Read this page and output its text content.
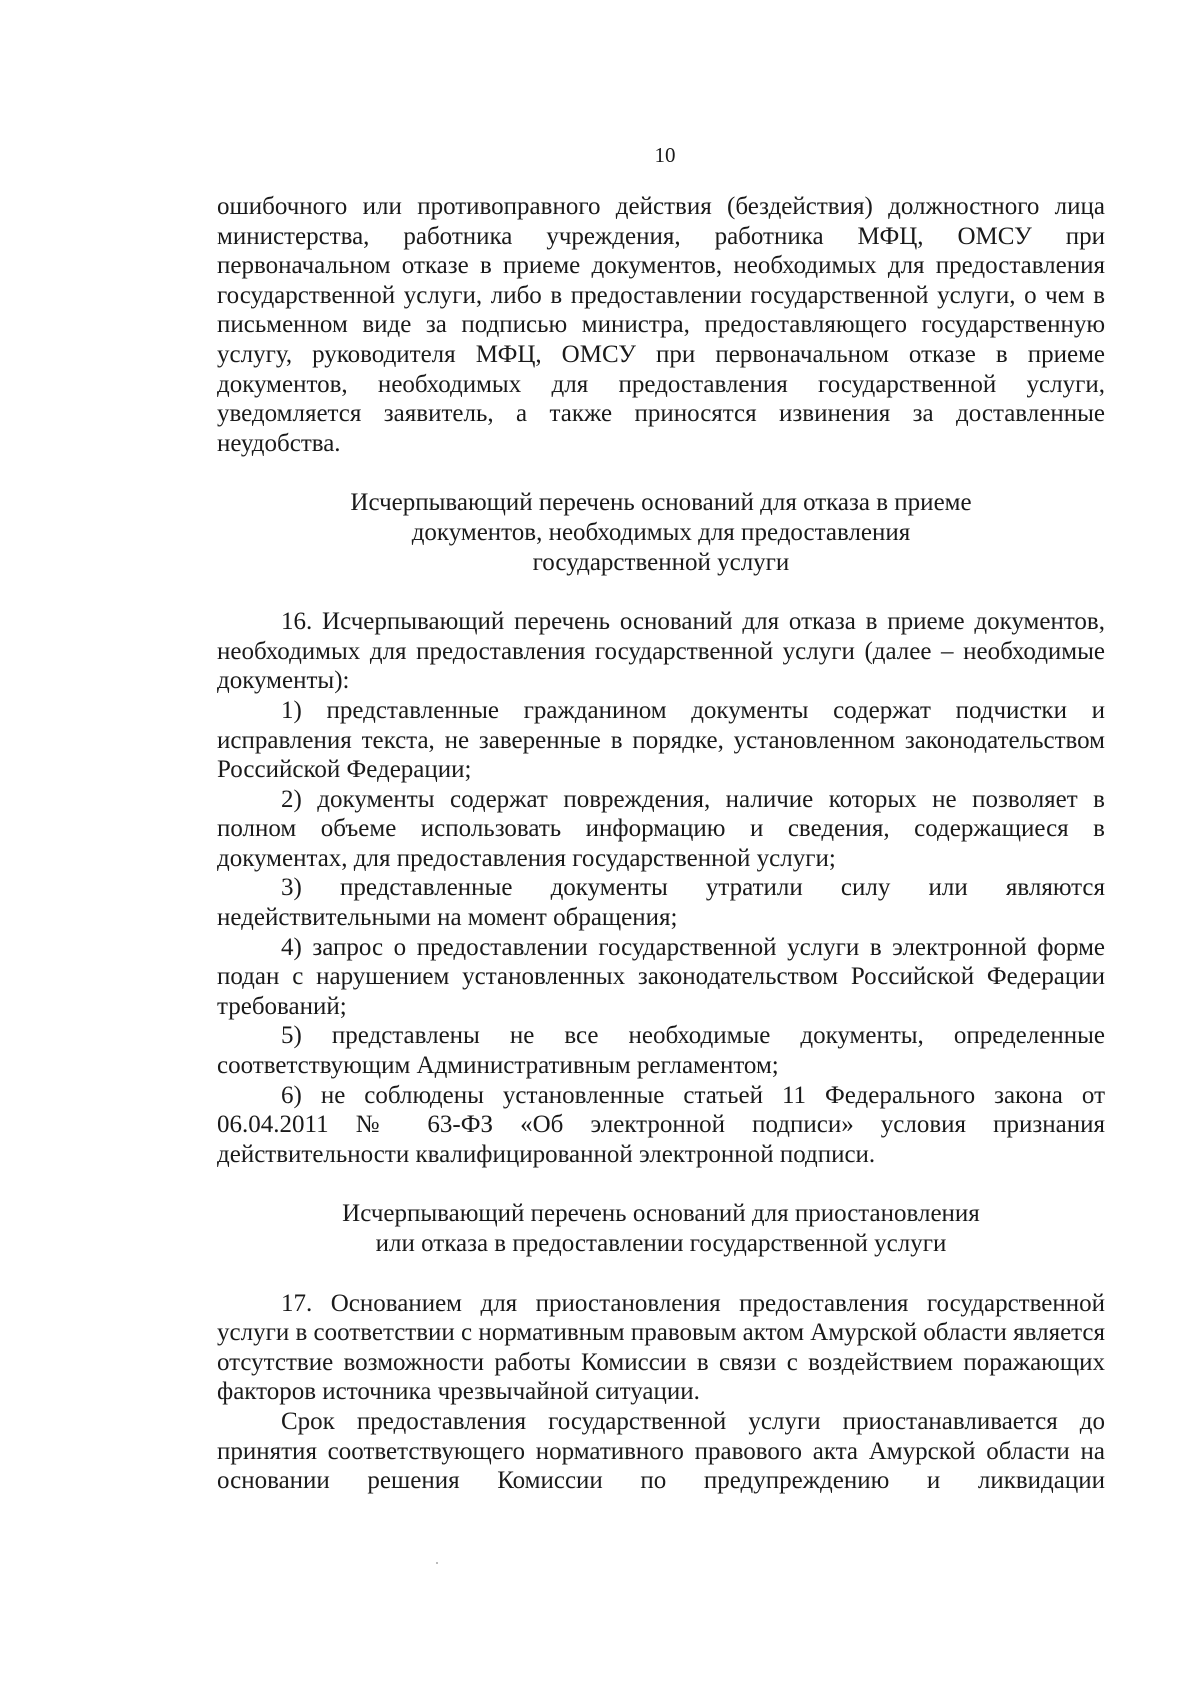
10

ошибочного или противоправного действия (бездействия) должностного лица министерства, работника учреждения, работника МФЦ, ОМСУ при первоначальном отказе в приеме документов, необходимых для предоставления государственной услуги, либо в предоставлении государственной услуги, о чем в письменном виде за подписью министра, предоставляющего государственную услугу, руководителя МФЦ, ОМСУ при первоначальном отказе в приеме документов, необходимых для предоставления государственной услуги, уведомляется заявитель, а также приносятся извинения за доставленные неудобства.

Исчерпывающий перечень оснований для отказа в приеме
документов, необходимых для предоставления
государственной услуги

16. Исчерпывающий перечень оснований для отказа в приеме документов, необходимых для предоставления государственной услуги (далее – необходимые документы):

1) представленные гражданином документы содержат подчистки и исправления текста, не заверенные в порядке, установленном законодательством Российской Федерации;

2) документы содержат повреждения, наличие которых не позволяет в полном объеме использовать информацию и сведения, содержащиеся в документах, для предоставления государственной услуги;

3) представленные документы утратили силу или являются недействительными на момент обращения;

4) запрос о предоставлении государственной услуги в электронной форме подан с нарушением установленных законодательством Российской Федерации требований;

5) представлены не все необходимые документы, определенные соответствующим Административным регламентом;

6) не соблюдены установленные статьей 11 Федерального закона от 06.04.2011 № 63-ФЗ «Об электронной подписи» условия признания действительности квалифицированной электронной подписи.

Исчерпывающий перечень оснований для приостановления
или отказа в предоставлении государственной услуги

17. Основанием для приостановления предоставления государственной услуги в соответствии с нормативным правовым актом Амурской области является отсутствие возможности работы Комиссии в связи с воздействием поражающих факторов источника чрезвычайной ситуации.

Срок предоставления государственной услуги приостанавливается до принятия соответствующего нормативного правового акта Амурской области на основании решения Комиссии по предупреждению и ликвидации
